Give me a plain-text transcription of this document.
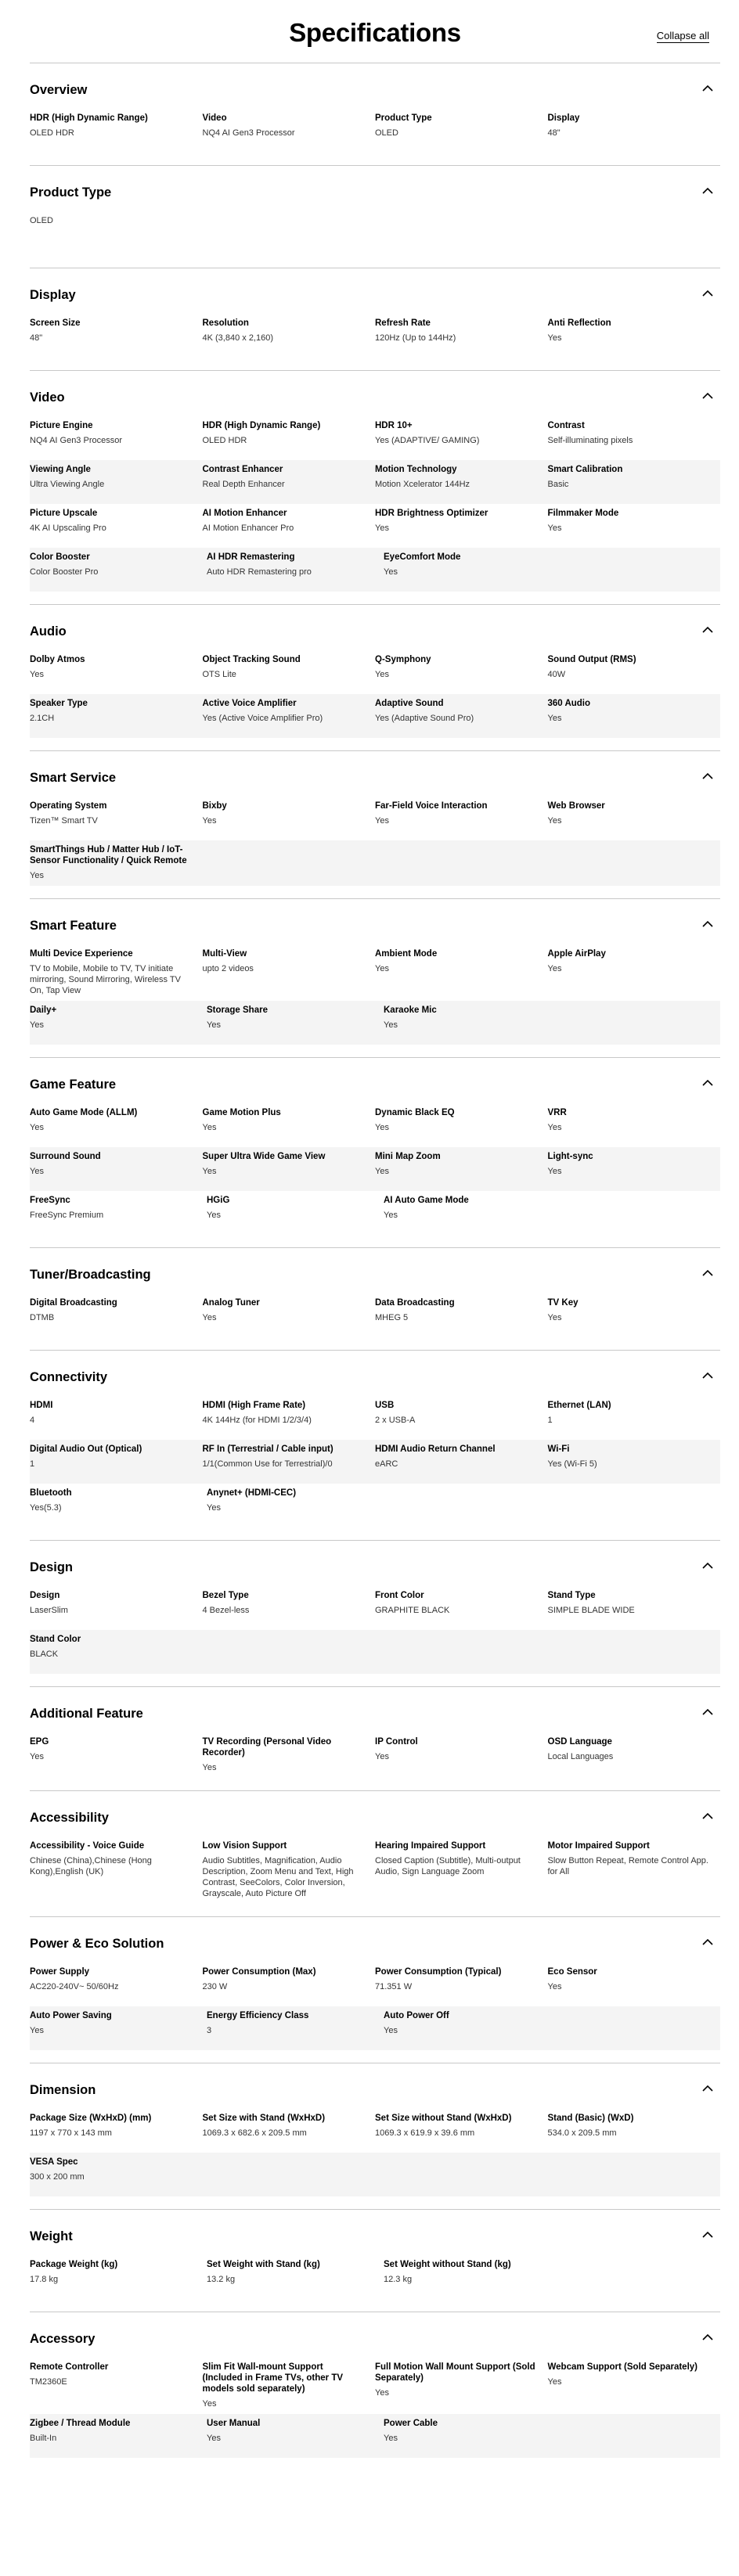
Specifications	Collapse all
Overview
HDR (High Dynamic Range)
OLED HDR
Video
NQ4 AI Gen3 Processor
Product Type
OLED
Display
48"
Product Type
OLED
Display
Screen Size
48"
Resolution
4K (3,840 x 2,160)
Refresh Rate
120Hz (Up to 144Hz)
Anti Reflection
Yes
Video
Picture Engine
NQ4 AI Gen3 Processor
HDR (High Dynamic Range)
OLED HDR
HDR 10+
Yes (ADAPTIVE/ GAMING)
Contrast
Self-illuminating pixels
Viewing Angle
Ultra Viewing Angle
Contrast Enhancer
Real Depth Enhancer
Motion Technology
Motion Xcelerator 144Hz
Smart Calibration
Basic
Picture Upscale
4K AI Upscaling Pro
AI Motion Enhancer
AI Motion Enhancer Pro
HDR Brightness Optimizer
Yes
Filmmaker Mode
Yes
Color Booster
Color Booster Pro
AI HDR Remastering
Auto HDR Remastering pro
EyeComfort Mode
Yes
Audio
Dolby Atmos
Yes
Object Tracking Sound
OTS Lite
Q-Symphony
Yes
Sound Output (RMS)
40W
Speaker Type
2.1CH
Active Voice Amplifier
Yes (Active Voice Amplifier Pro)
Adaptive Sound
Yes (Adaptive Sound Pro)
360 Audio
Yes
Smart Service
Operating System
Tizen™ Smart TV
Bixby
Yes
Far-Field Voice Interaction
Yes
Web Browser
Yes
SmartThings Hub / Matter Hub / IoT-Sensor Functionality / Quick Remote
Yes
Smart Feature
Multi Device Experience
TV to Mobile, Mobile to TV, TV initiate mirroring, Sound Mirroring, Wireless TV On, Tap View
Multi-View
upto 2 videos
Ambient Mode
Yes
Apple AirPlay
Yes
Daily+
Yes
Storage Share
Yes
Karaoke Mic
Yes
Game Feature
Auto Game Mode (ALLM)
Yes
Game Motion Plus
Yes
Dynamic Black EQ
Yes
VRR
Yes
Surround Sound
Yes
Super Ultra Wide Game View
Yes
Mini Map Zoom
Yes
Light-sync
Yes
FreeSync
FreeSync Premium
HGiG
Yes
AI Auto Game Mode
Yes
Tuner/Broadcasting
Digital Broadcasting
DTMB
Analog Tuner
Yes
Data Broadcasting
MHEG 5
TV Key
Yes
Connectivity
HDMI
4
HDMI (High Frame Rate)
4K 144Hz (for HDMI 1/2/3/4)
USB
2 x USB-A
Ethernet (LAN)
1
Digital Audio Out (Optical)
1
RF In (Terrestrial / Cable input)
1/1(Common Use for Terrestrial)/0
HDMI Audio Return Channel
eARC
Wi-Fi
Yes (Wi-Fi 5)
Bluetooth
Yes(5.3)
Anynet+ (HDMI-CEC)
Yes
Design
Design
LaserSlim
Bezel Type
4 Bezel-less
Front Color
GRAPHITE BLACK
Stand Type
SIMPLE BLADE WIDE
Stand Color
BLACK
Additional Feature
EPG
Yes
TV Recording (Personal Video Recorder)
Yes
IP Control
Yes
OSD Language
Local Languages
Accessibility
Accessibility - Voice Guide
Chinese (China),Chinese (Hong Kong),English (UK)
Low Vision Support
Audio Subtitles, Magnification, Audio Description, Zoom Menu and Text, High Contrast, SeeColors, Color Inversion, Grayscale, Auto Picture Off
Hearing Impaired Support
Closed Caption (Subtitle), Multi-output Audio, Sign Language Zoom
Motor Impaired Support
Slow Button Repeat, Remote Control App. for All
Power & Eco Solution
Power Supply
AC220-240V~ 50/60Hz
Power Consumption (Max)
230 W
Power Consumption (Typical)
71.351 W
Eco Sensor
Yes
Auto Power Saving
Yes
Energy Efficiency Class
3
Auto Power Off
Yes
Dimension
Package Size (WxHxD) (mm)
1197 x 770 x 143 mm
Set Size with Stand (WxHxD)
1069.3 x 682.6 x 209.5 mm
Set Size without Stand (WxHxD)
1069.3 x 619.9 x 39.6 mm
Stand (Basic) (WxD)
534.0 x 209.5 mm
VESA Spec
300 x 200 mm
Weight
Package Weight (kg)
17.8 kg
Set Weight with Stand (kg)
13.2 kg
Set Weight without Stand (kg)
12.3 kg
Accessory
Remote Controller
TM2360E
Slim Fit Wall-mount Support (Included in Frame TVs, other TV models sold separately)
Yes
Full Motion Wall Mount Support (Sold Separately)
Yes
Webcam Support (Sold Separately)
Yes
Zigbee / Thread Module
Built-In
User Manual
Yes
Power Cable
Yes
